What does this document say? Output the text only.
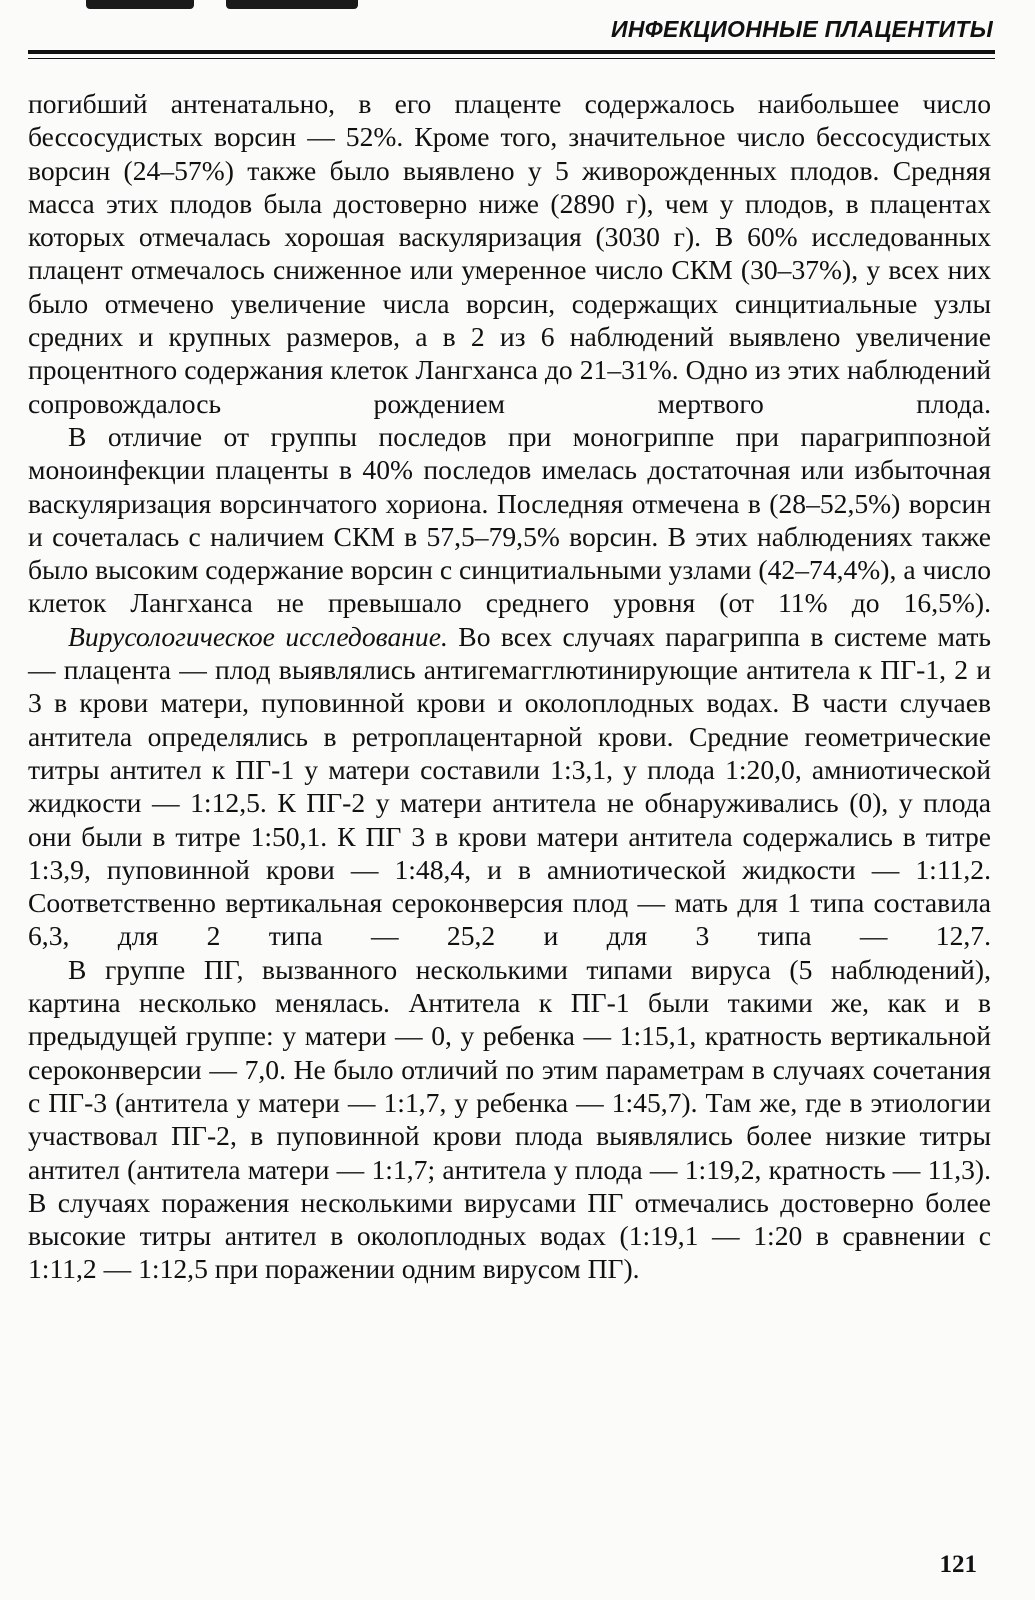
ИНФЕКЦИОННЫЕ ПЛАЦЕНТИТЫ

погибший антенатально, в его плаценте содержалось наибольшее число бессосудистых ворсин — 52%. Кроме того, значительное число бессосудистых ворсин (24–57%) также было выявлено у 5 живорожденных плодов. Средняя масса этих плодов была достоверно ниже (2890 г), чем у плодов, в плацентах которых отмечалась хорошая васкуляризация (3030 г). В 60% исследованных плацент отмечалось сниженное или умеренное число СКМ (30–37%), у всех них было отмечено увеличение числа ворсин, содержащих синцитиальные узлы средних и крупных размеров, а в 2 из 6 наблюдений выявлено увеличение процентного содержания клеток Лангханса до 21–31%. Одно из этих наблюдений сопровождалось рождением мертвого плода.

В отличие от группы последов при моногриппе при парагриппозной моноинфекции плаценты в 40% последов имелась достаточная или избыточная васкуляризация ворсинчатого хориона. Последняя отмечена в (28–52,5%) ворсин и сочеталась с наличием СКМ в 57,5–79,5% ворсин. В этих наблюдениях также было высоким содержание ворсин с синцитиальными узлами (42–74,4%), а число клеток Лангханса не превышало среднего уровня (от 11% до 16,5%).

Вирусологическое исследование. Во всех случаях парагриппа в системе мать — плацента — плод выявлялись антигемагглютинирующие антитела к ПГ-1, 2 и 3 в крови матери, пуповинной крови и околоплодных водах. В части случаев антитела определялись в ретроплацентарной крови. Средние геометрические титры антител к ПГ-1 у матери составили 1:3,1, у плода 1:20,0, амниотической жидкости — 1:12,5. К ПГ-2 у матери антитела не обнаруживались (0), у плода они были в титре 1:50,1. К ПГ 3 в крови матери антитела содержались в титре 1:3,9, пуповинной крови — 1:48,4, и в амниотической жидкости — 1:11,2. Соответственно вертикальная сероконверсия плод — мать для 1 типа составила 6,3, для 2 типа — 25,2 и для 3 типа — 12,7.

В группе ПГ, вызванного несколькими типами вируса (5 наблюдений), картина несколько менялась. Антитела к ПГ-1 были такими же, как и в предыдущей группе: у матери — 0, у ребенка — 1:15,1, кратность вертикальной сероконверсии — 7,0. Не было отличий по этим параметрам в случаях сочетания с ПГ-3 (антитела у матери — 1:1,7, у ребенка — 1:45,7). Там же, где в этиологии участвовал ПГ-2, в пуповинной крови плода выявлялись более низкие титры антител (антитела матери — 1:1,7; антитела у плода — 1:19,2, кратность — 11,3). В случаях поражения несколькими вирусами ПГ отмечались достоверно более высокие титры антител в околоплодных водах (1:19,1 — 1:20 в сравнении с 1:11,2 — 1:12,5 при поражении одним вирусом ПГ).

121
